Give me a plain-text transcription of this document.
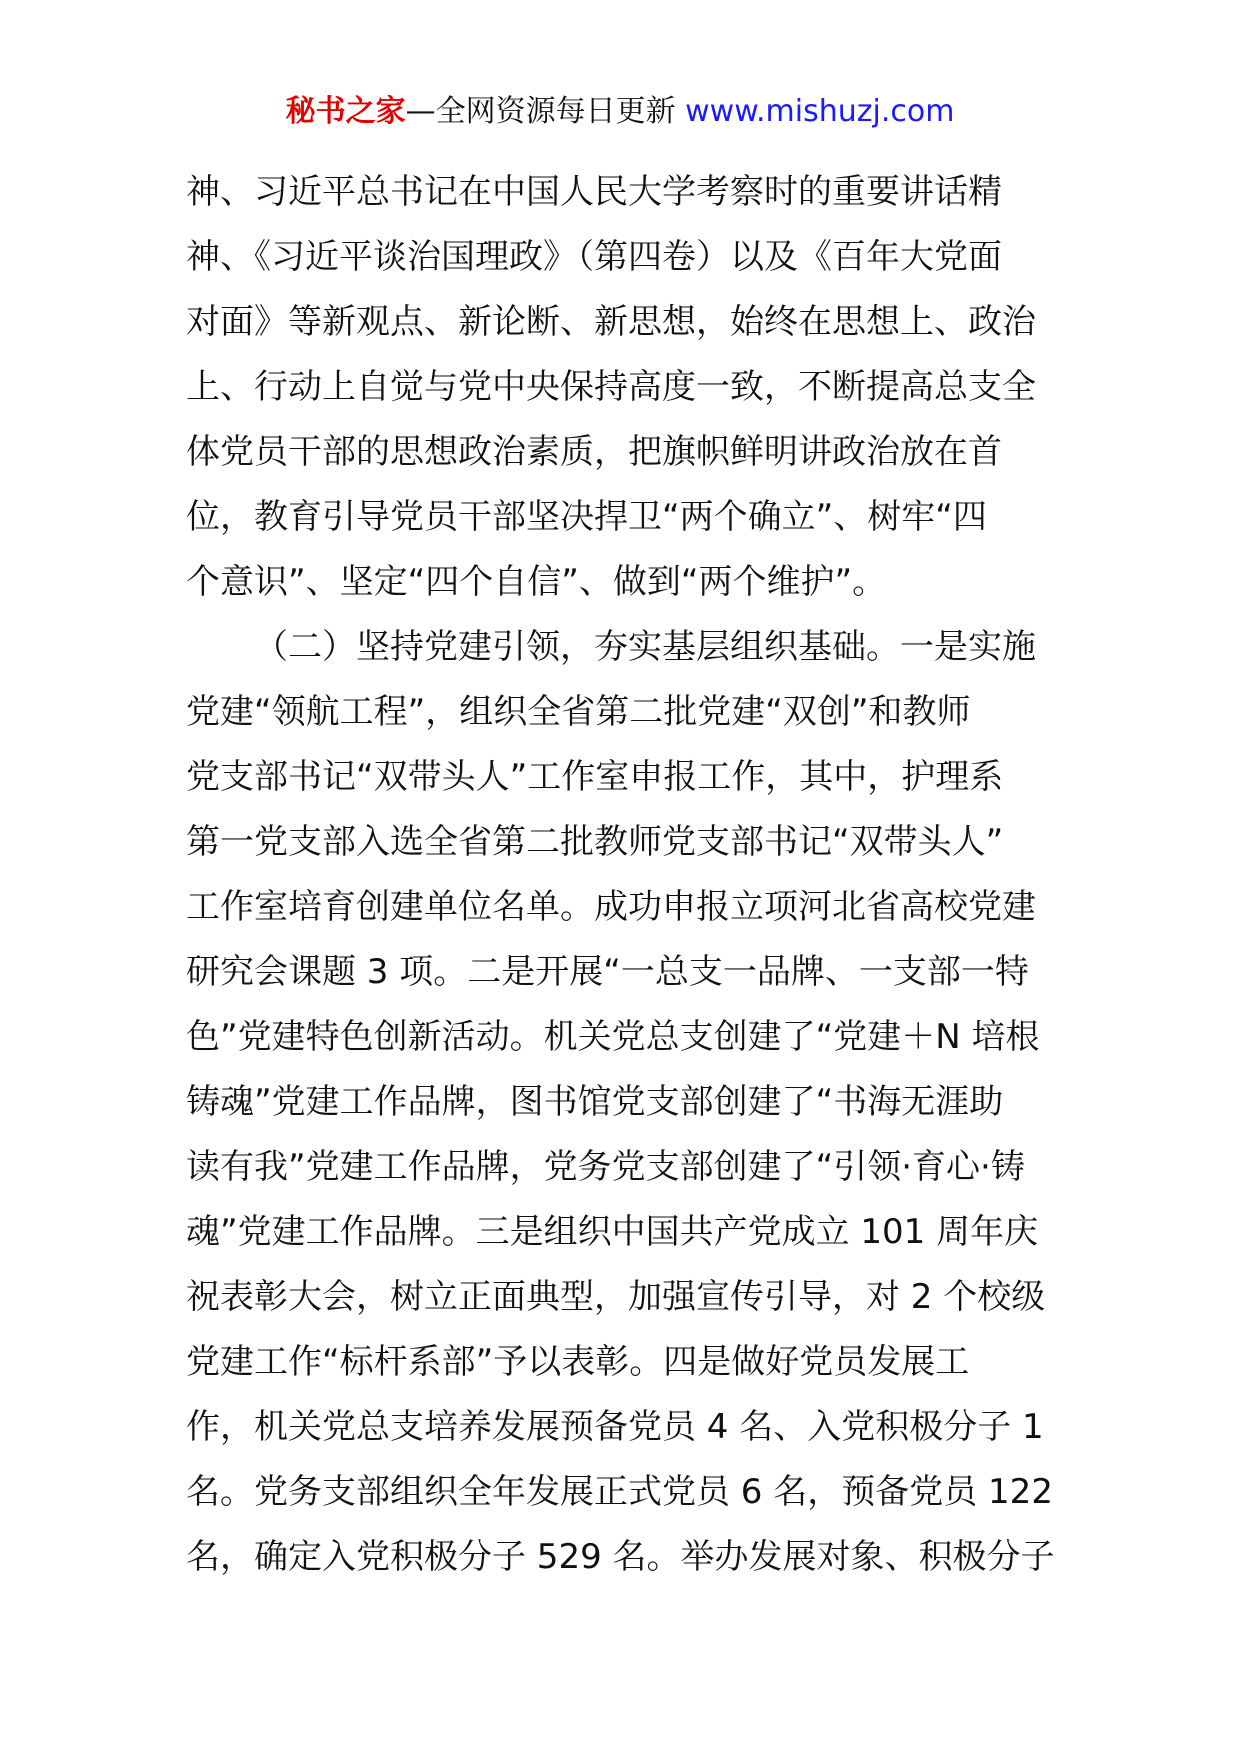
秘书之家—全网资源每日更新 www.mishuzj.com
神、习近平总书记在中国人民大学考察时的重要讲话精
神、《习近平谈治国理政》（第四卷）以及《百年大党面
对面》等新观点、新论断、新思想，始终在思想上、政治
上、行动上自觉与党中央保持高度一致，不断提高总支全
体党员干部的思想政治素质，把旗帜鲜明讲政治放在首
位，教育引导党员干部坚决捍卫“两个确立”、树牢“四
个意识”、坚定“四个自信”、做到“两个维护”。
（二）坚持党建引领，夯实基层组织基础。一是实施
党建“领航工程”，组织全省第二批党建“双创”和教师
党支部书记“双带头人”工作室申报工作，其中，护理系
第一党支部入选全省第二批教师党支部书记“双带头人”
工作室培育创建单位名单。成功申报立项河北省高校党建
研究会课题 3 项。二是开展“一总支一品牌、一支部一特
色”党建特色创新活动。机关党总支创建了“党建＋N 培根
铸魂”党建工作品牌，图书馆党支部创建了“书海无涯助
读有我”党建工作品牌，党务党支部创建了“引领·育心·铸
魂”党建工作品牌。三是组织中国共产党成立 101 周年庆
祝表彰大会，树立正面典型，加强宣传引导，对 2 个校级
党建工作“标杆系部”予以表彰。四是做好党员发展工
作，机关党总支培养发展预备党员 4 名、入党积极分子 1
名。党务支部组织全年发展正式党员 6 名，预备党员 122
名，确定入党积极分子 529 名。举办发展对象、积极分子
